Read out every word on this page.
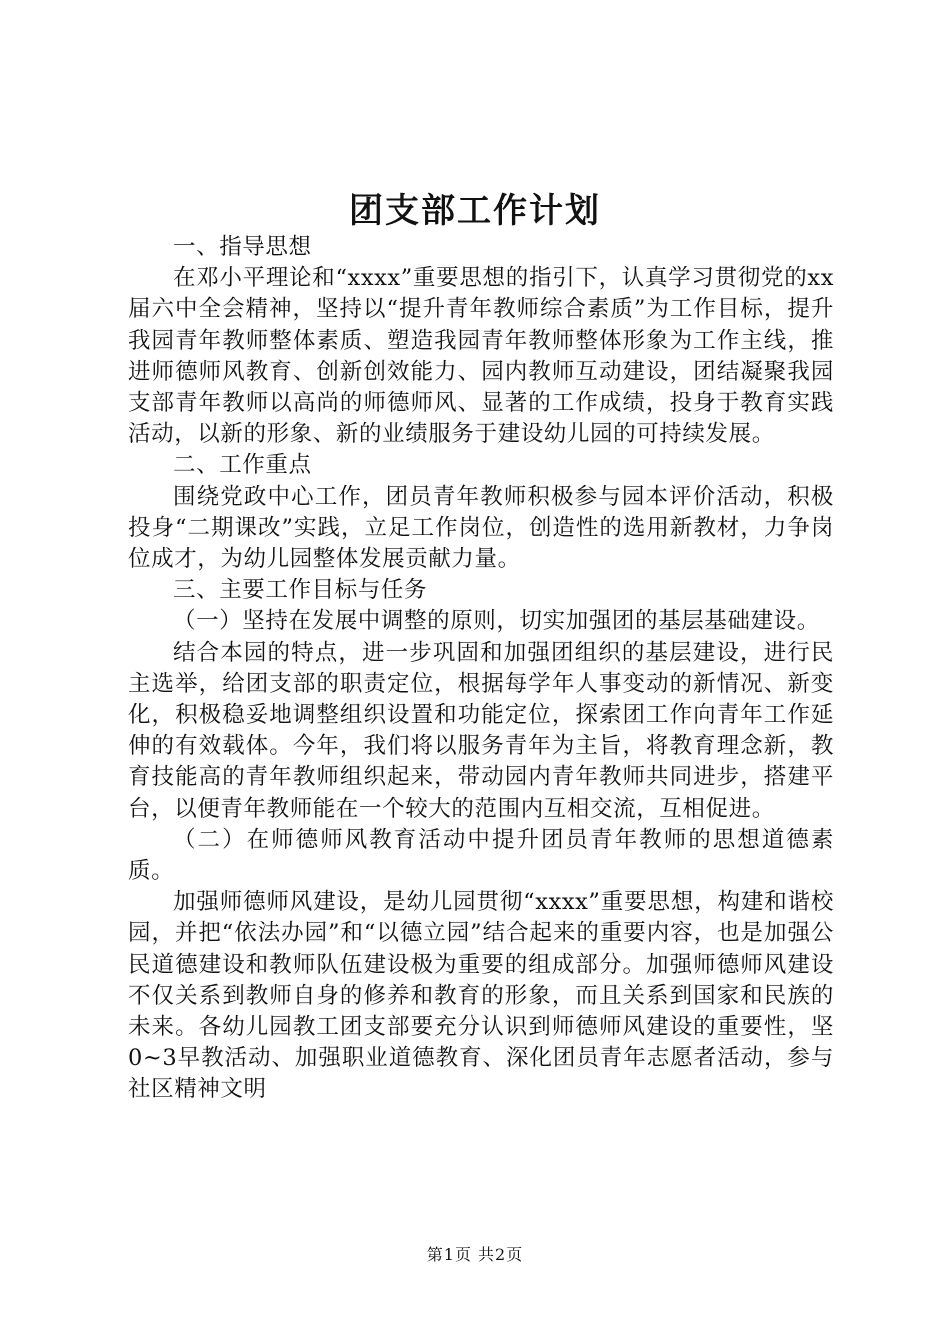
团支部工作计划

一、指导思想

在邓小平理论和“xxxx”重要思想的指引下，认真学习贯彻党的xx届六中全会精神，坚持以“提升青年教师综合素质”为工作目标，提升我园青年教师整体素质、塑造我园青年教师整体形象为工作主线，推进师德师风教育、创新创效能力、园内教师互动建设，团结凝聚我园支部青年教师以高尚的师德师风、显著的工作成绩，投身于教育实践活动，以新的形象、新的业绩服务于建设幼儿园的可持续发展。

二、工作重点

围绕党政中心工作，团员青年教师积极参与园本评价活动，积极投身“二期课改”实践，立足工作岗位，创造性的选用新教材，力争岗位成才，为幼儿园整体发展贡献力量。

三、主要工作目标与任务

（一）坚持在发展中调整的原则，切实加强团的基层基础建设。

结合本园的特点，进一步巩固和加强团组织的基层建设，进行民主选举，给团支部的职责定位，根据每学年人事变动的新情况、新变化，积极稳妥地调整组织设置和功能定位，探索团工作向青年工作延伸的有效载体。今年，我们将以服务青年为主旨，将教育理念新，教育技能高的青年教师组织起来，带动园内青年教师共同进步，搭建平台，以便青年教师能在一个较大的范围内互相交流，互相促进。

（二）在师德师风教育活动中提升团员青年教师的思想道德素质。

加强师德师风建设，是幼儿园贯彻“xxxx”重要思想，构建和谐校园，并把“依法办园”和“以德立园”结合起来的重要内容，也是加强公民道德建设和教师队伍建设极为重要的组成部分。加强师德师风建设不仅关系到教师自身的修养和教育的形象，而且关系到国家和民族的未来。各幼儿园教工团支部要充分认识到师德师风建设的重要性，坚0~3早教活动、加强职业道德教育、深化团员青年志愿者活动，参与社区精神文明

第1页 共2页
